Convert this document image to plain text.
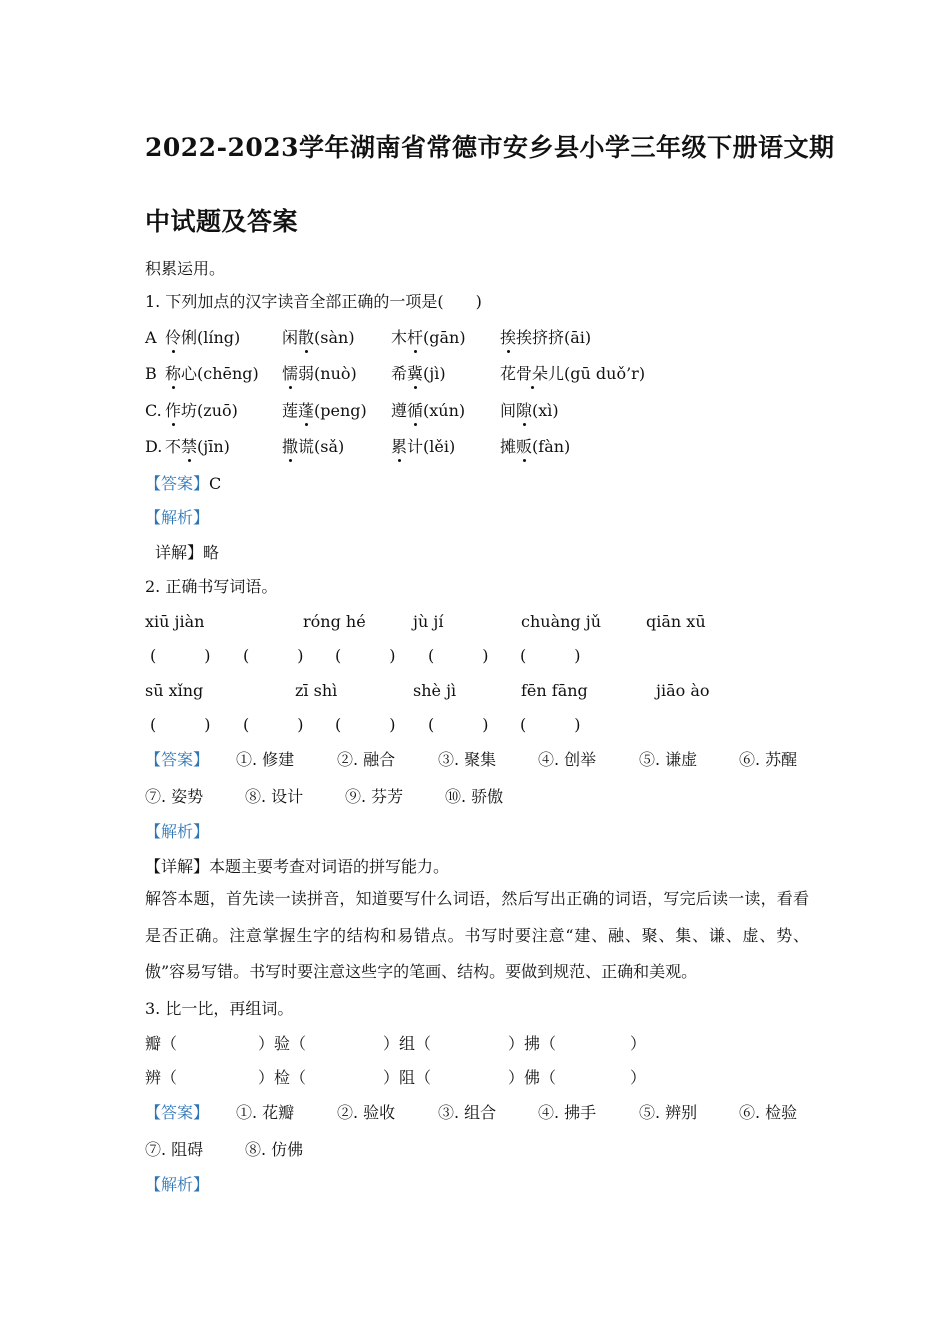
2022-2023学年湖南省常德市安乡县小学三年级下册语文期
中试题及答案
积累运用。
1. 下列加点的汉字读音全部正确的一项是(　　)
A 伶俐(líng)	闲散(sàn) 木杆(gān) 挨挨挤挤(āi)
B 称心(chēng) 懦弱(nuò) 希冀(jì)	花骨朵儿(gū duǒ’r)
C. 作坊(zuō)	莲蓬(peng) 遵循(xún) 间隙(xì)
D. 不禁(jīn)	撒谎(sǎ)	累计(lěi)	摊贩(fàn)
【答案】C
【解析】
详解】略
2. 正确书写词语。
xiū jiàn	róng hé	jù jí	chuàng jǔ	qiān xū
(　　　) (　　　) (　　　) (　　　) (　　　)
sū xǐng	zī shì	shè jì	fēn fāng	jiāo ào
(　　　) (　　　) (　　　) (　　　) (　　　)
【答案】 ①. 修建	②. 融合	③. 聚集	④. 创举	⑤. 谦虚	⑥. 苏醒
⑦. 姿势	⑧. 设计	⑨. 芬芳	⑩. 骄傲
【解析】
【详解】本题主要考查对词语的拼写能力。
解答本题，首先读一读拼音，知道要写什么词语，然后写出正确的词语，写完后读一读，看看是否正确。注意掌握生字的结构和易错点。书写时要注意“建、融、聚、集、谦、虚、势、傲”容易写错。书写时要注意这些字的笔画、结构。要做到规范、正确和美观。
3. 比一比，再组词。
瓣（	）验（	）组（	）拂（	）
辨（	）检（	）阻（	）佛（	）
【答案】 ①. 花瓣	②. 验收	③. 组合	④. 拂手	⑤. 辨别	⑥. 检验
⑦. 阻碍	⑧. 仿佛
【解析】
